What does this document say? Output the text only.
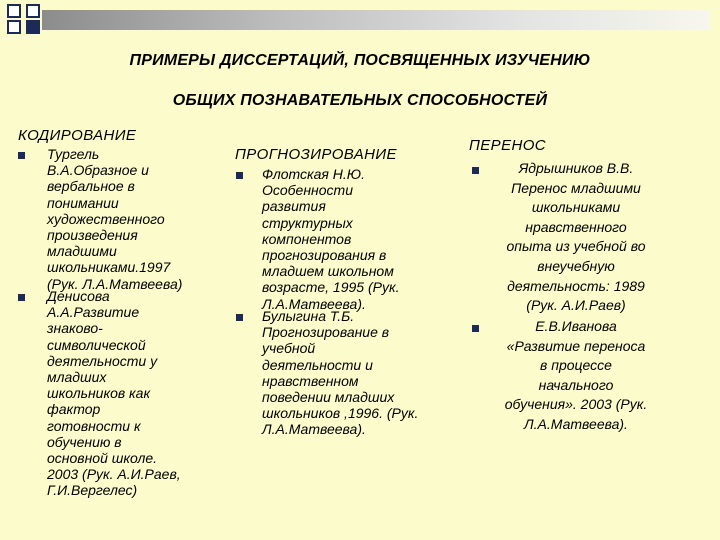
ПРИМЕРЫ ДИССЕРТАЦИЙ, ПОСВЯЩЕННЫХ ИЗУЧЕНИЮ
ОБЩИХ ПОЗНАВАТЕЛЬНЫХ СПОСОБНОСТЕЙ
КОДИРОВАНИЕ
Тургель
В.А.Образное и
вербальное в
понимании
художественного
произведения
младшими
школьниками.1997
(Рук. Л.А.Матвеева)
Денисова
А.А.Развитие
знаково-
символической
деятельности у
младших
школьников как
фактор
готовности к
обучению в
основной школе.
2003 (Рук. А.И.Раев,
Г.И.Вергелес)
ПРОГНОЗИРОВАНИЕ
Флотская Н.Ю.
Особенности
развития
структурных
компонентов
прогнозирования в
младшем школьном
возрасте, 1995 (Рук.
Л.А.Матвеева).
Булыгина Т.Б.
Прогнозирование в
учебной
деятельности и
нравственном
поведении младших
школьников ,1996. (Рук.
Л.А.Матвеева).
ПЕРЕНОС
Ядрышников В.В.
Перенос младшими
школьниками
нравственного
опыта из учебной во
внеучебную
деятельность: 1989
(Рук. А.И.Раев)
Е.В.Иванова
«Развитие переноса
в процессе
начального
обучения». 2003 (Рук.
Л.А.Матвеева).
